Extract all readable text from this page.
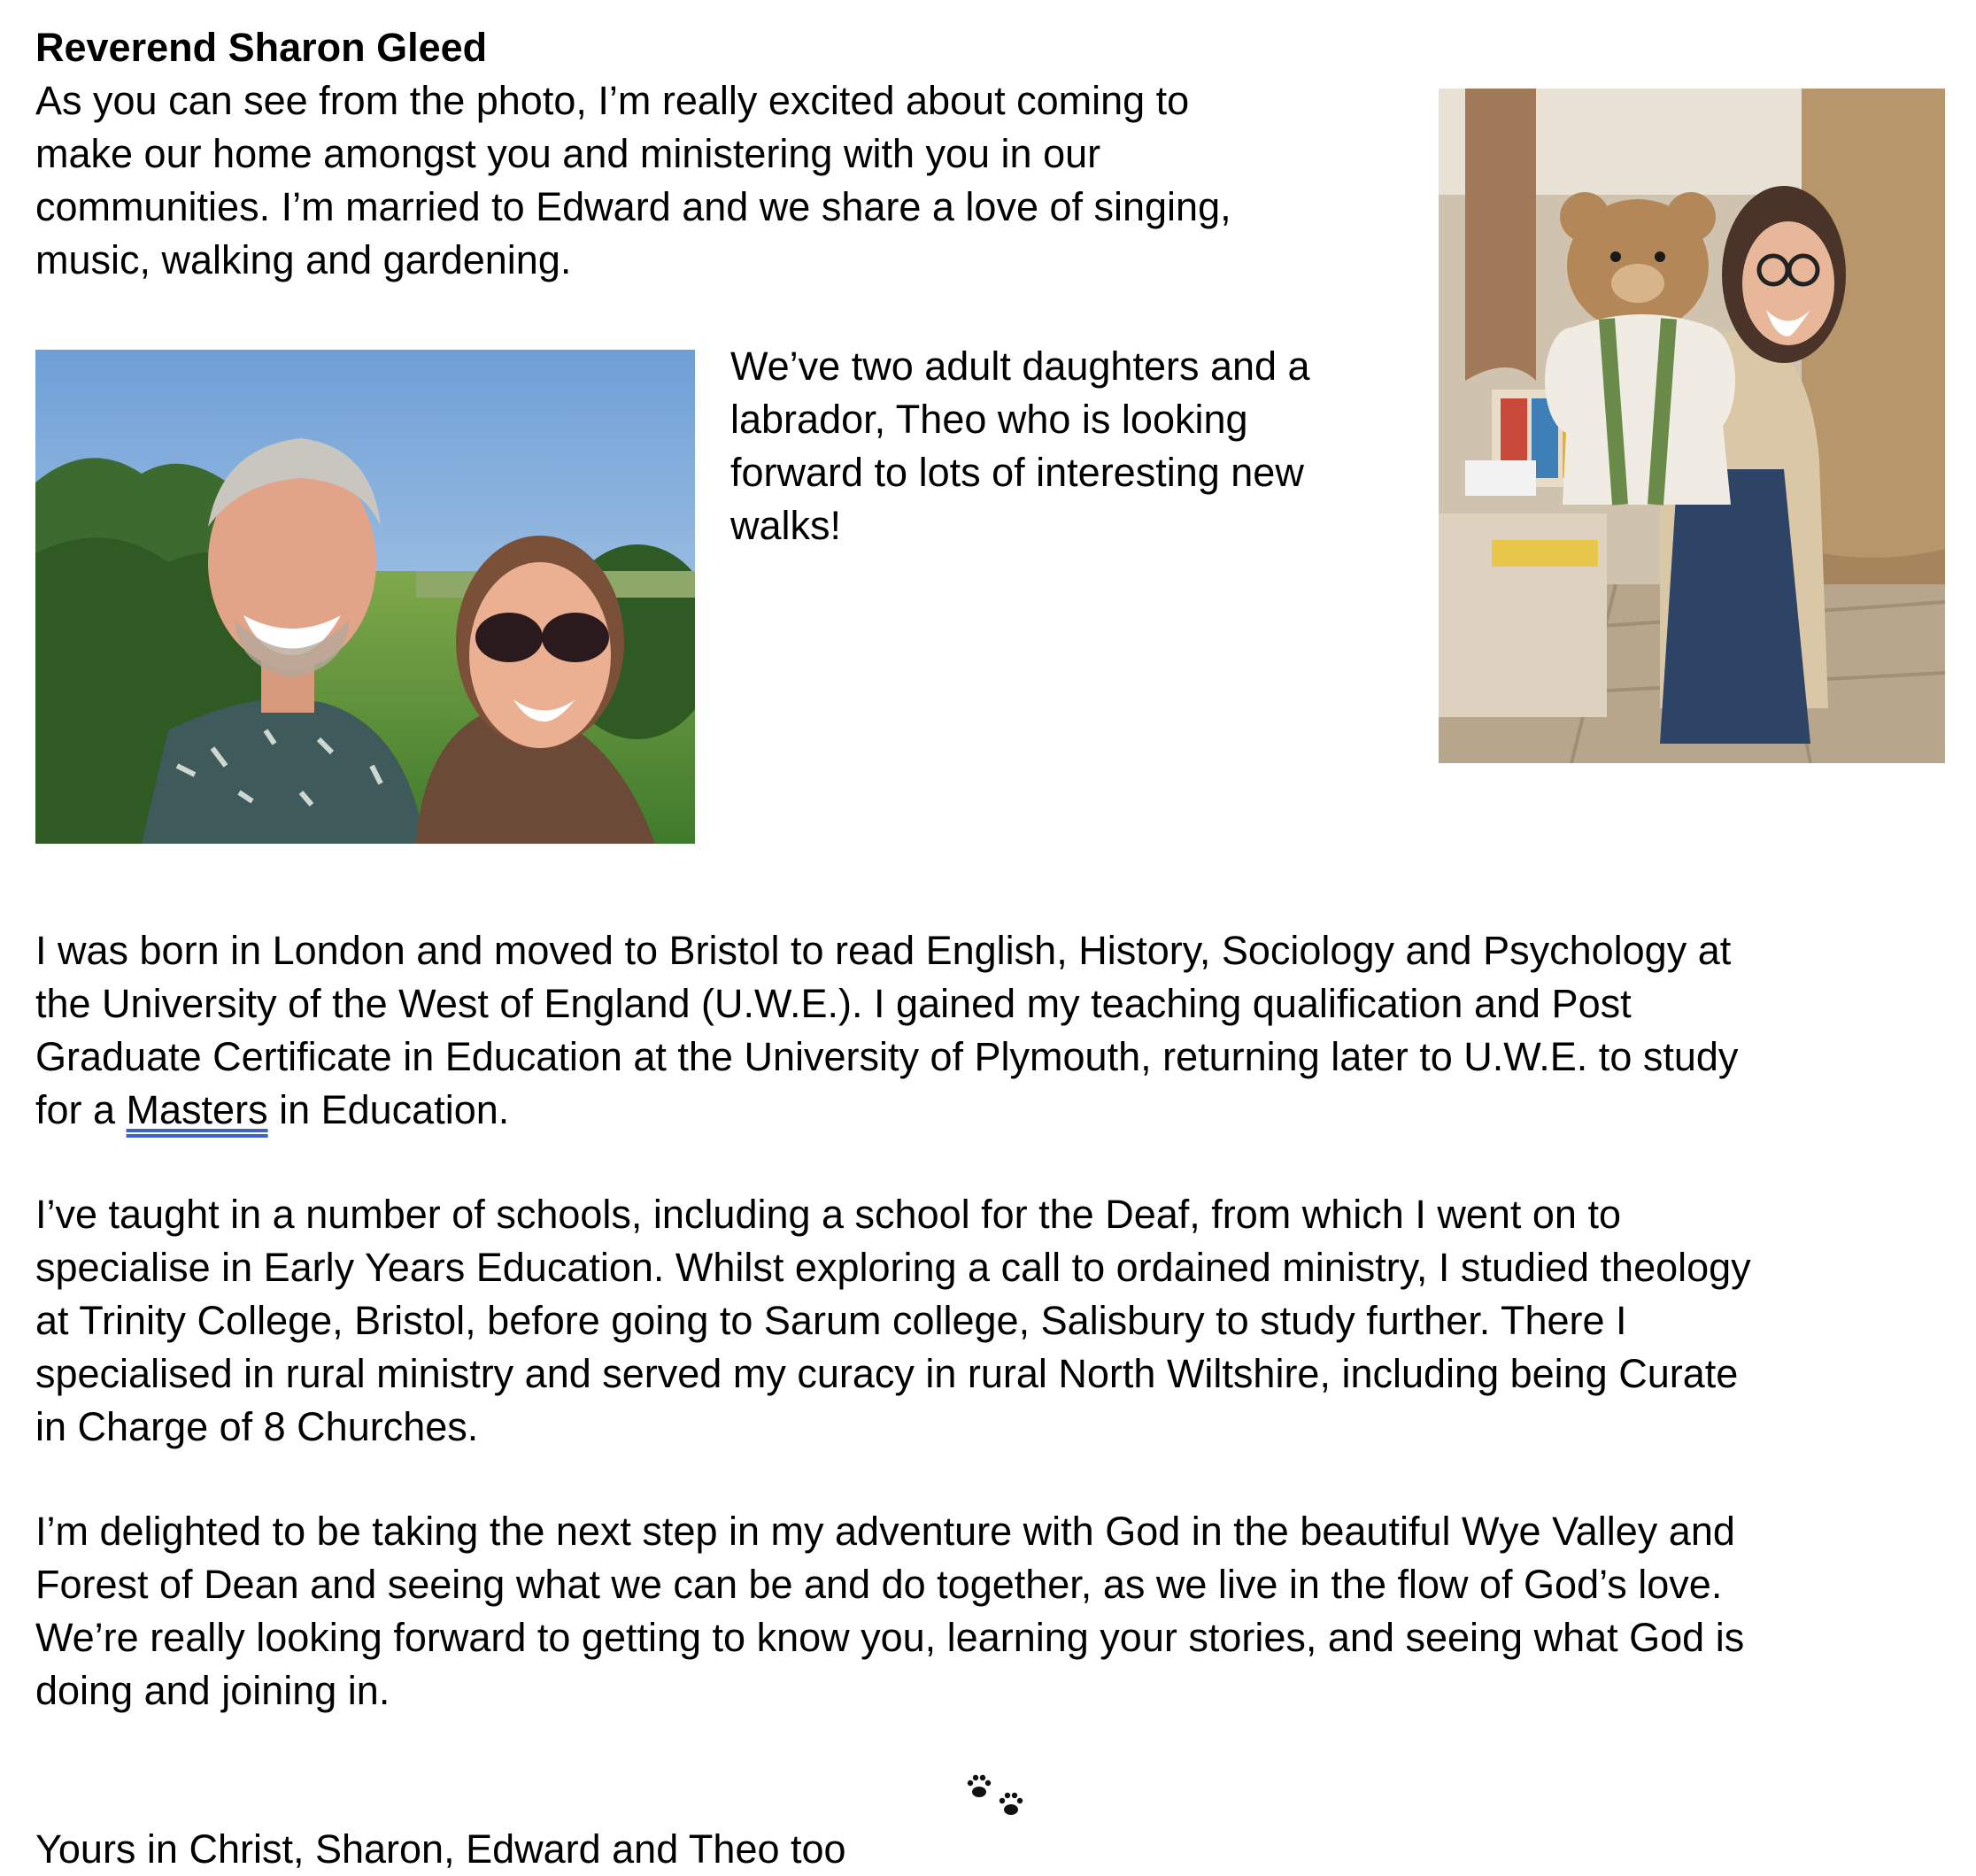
Reverend Sharon Gleed
As you can see from the photo, I’m really excited about coming to
make our home amongst you and ministering with you in our
communities. I’m married to Edward and we share a love of singing,
music, walking and gardening.
We’ve two adult daughters and a
labrador, Theo who is looking
forward to lots of interesting new
walks!
I was born in London and moved to Bristol to read English, History, Sociology and Psychology at
the University of the West of England (U.W.E.). I gained my teaching qualification and Post
Graduate Certificate in Education at the University of Plymouth, returning later to U.W.E. to study
for a Masters in Education.
I’ve taught in a number of schools, including a school for the Deaf, from which I went on to
specialise in Early Years Education. Whilst exploring a call to ordained ministry, I studied theology
at Trinity College, Bristol, before going to Sarum college, Salisbury to study further. There I
specialised in rural ministry and served my curacy in rural North Wiltshire, including being Curate
in Charge of 8 Churches.
I’m delighted to be taking the next step in my adventure with God in the beautiful Wye Valley and
Forest of Dean and seeing what we can be and do together, as we live in the flow of God’s love.
We’re really looking forward to getting to know you, learning your stories, and seeing what God is
doing and joining in.
Yours in Christ, Sharon, Edward and Theo too
